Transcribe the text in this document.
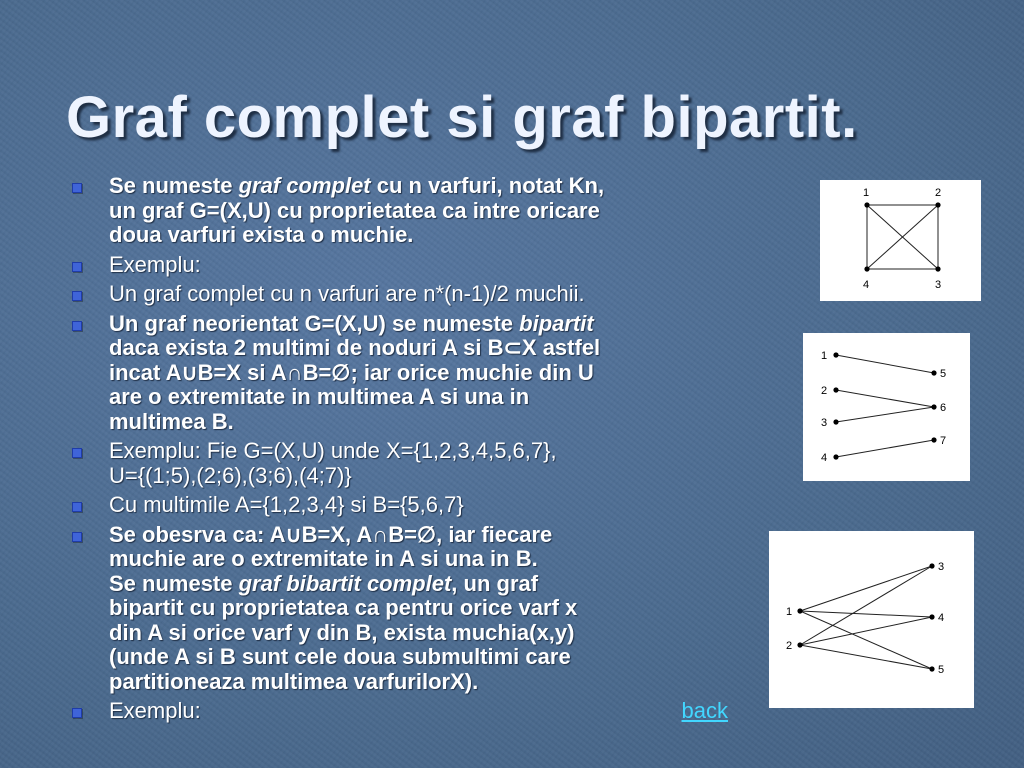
Graf complet si graf bipartit.
Se numeste graf complet cu n varfuri, notat Kn,
un graf G=(X,U) cu proprietatea ca intre oricare
doua varfuri exista o muchie.
Exemplu:
Un graf complet cu n varfuri are n*(n-1)/2 muchii.
Un graf neorientat G=(X,U) se numeste bipartit
daca exista 2 multimi de noduri A si B⊂X astfel
incat A∪B=X si A∩B=∅; iar orice muchie din U
are o extremitate in multimea A si una in
multimea B.
Exemplu: Fie G=(X,U) unde X={1,2,3,4,5,6,7},
U={(1;5),(2;6),(3;6),(4;7)}
Cu multimile A={1,2,3,4} si B={5,6,7}
Se obesrva ca: A∪B=X, A∩B=∅, iar fiecare
muchie are o extremitate in A si una in B.
Se numeste graf bibartit complet, un graf
bipartit cu proprietatea ca pentru orice varf x
din A si orice varf y din B, exista muchia(x,y)
(unde A si B sunt cele doua submultimi care
partitioneaza multimea varfurilorX).
Exemplu:	back
1	2
3
4
1
2
3
4
5
6
7
1
2
3
4
5
